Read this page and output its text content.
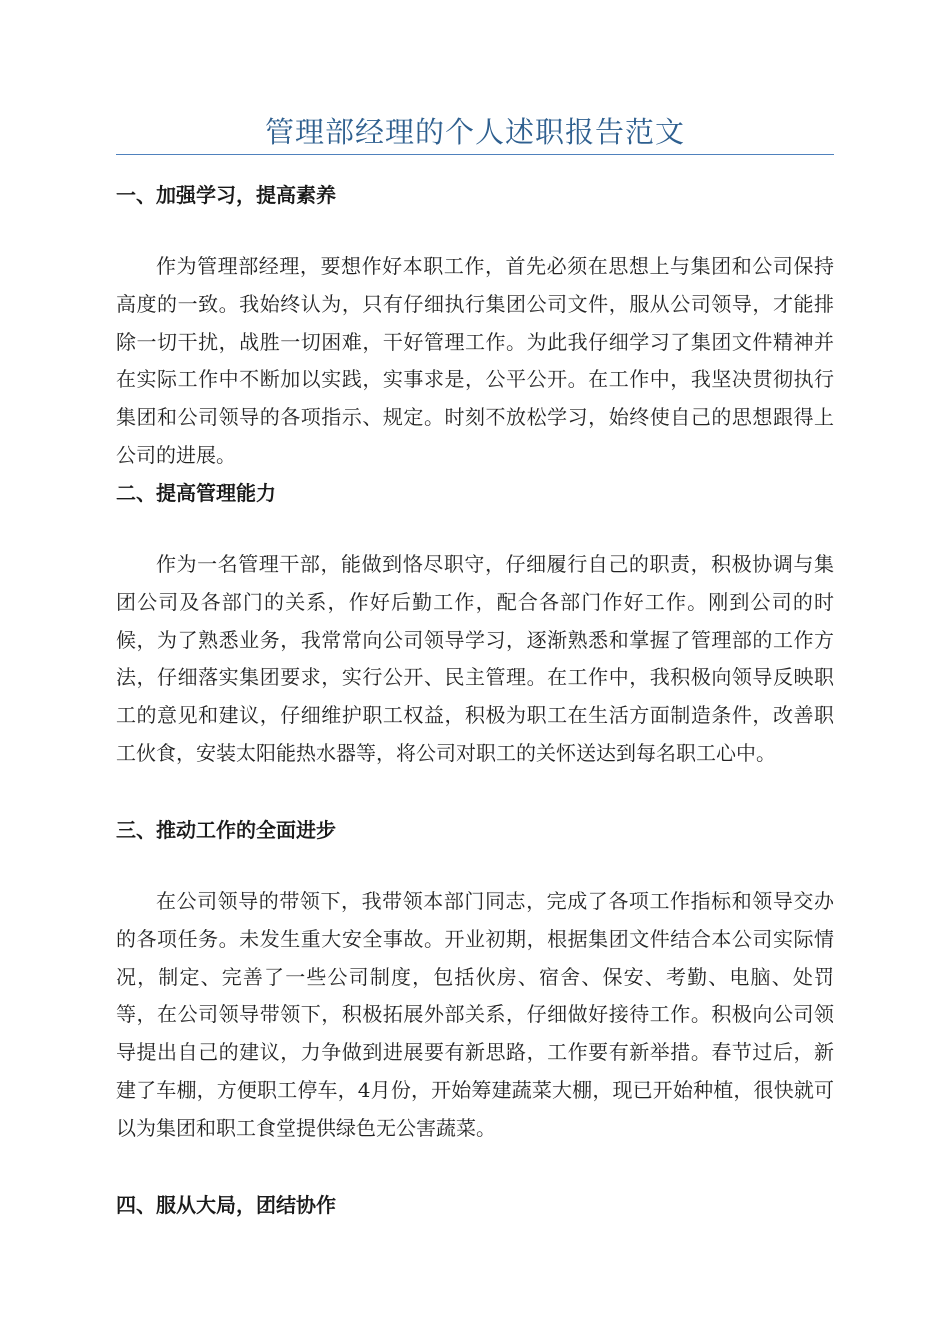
管理部经理的个人述职报告范文

一、加强学习，提高素养

作为管理部经理，要想作好本职工作，首先必须在思想上与集团和公司保持高度的一致。我始终认为，只有仔细执行集团公司文件，服从公司领导，才能排除一切干扰，战胜一切困难，干好管理工作。为此我仔细学习了集团文件精神并在实际工作中不断加以实践，实事求是，公平公开。在工作中，我坚决贯彻执行集团和公司领导的各项指示、规定。时刻不放松学习，始终使自己的思想跟得上公司的进展。

二、提高管理能力

作为一名管理干部，能做到恪尽职守，仔细履行自己的职责，积极协调与集团公司及各部门的关系，作好后勤工作，配合各部门作好工作。刚到公司的时候，为了熟悉业务，我常常向公司领导学习，逐渐熟悉和掌握了管理部的工作方法，仔细落实集团要求，实行公开、民主管理。在工作中，我积极向领导反映职工的意见和建议，仔细维护职工权益，积极为职工在生活方面制造条件，改善职工伙食，安装太阳能热水器等，将公司对职工的关怀送达到每名职工心中。

三、推动工作的全面进步

在公司领导的带领下，我带领本部门同志，完成了各项工作指标和领导交办的各项任务。未发生重大安全事故。开业初期，根据集团文件结合本公司实际情况，制定、完善了一些公司制度，包括伙房、宿舍、保安、考勤、电脑、处罚等，在公司领导带领下，积极拓展外部关系，仔细做好接待工作。积极向公司领导提出自己的建议，力争做到进展要有新思路，工作要有新举措。春节过后，新建了车棚，方便职工停车，4月份，开始筹建蔬菜大棚，现已开始种植，很快就可以为集团和职工食堂提供绿色无公害蔬菜。

四、服从大局，团结协作
